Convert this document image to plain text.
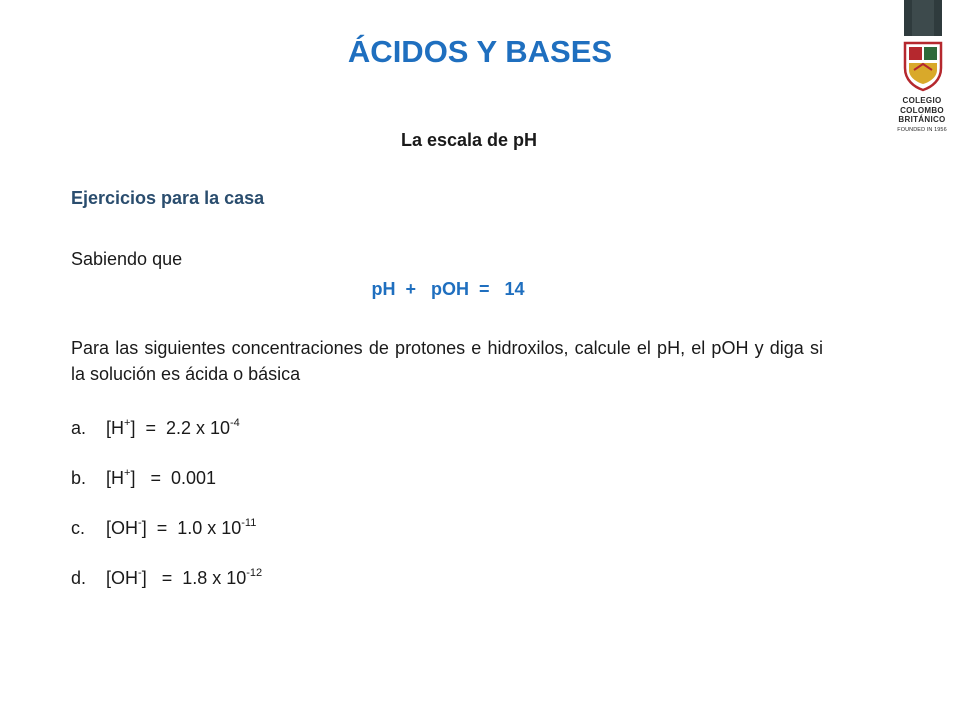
ÁCIDOS Y BASES
COLEGIO
COLOMBO
BRITÁNICO
FOUNDED IN 1956
La escala de pH
Ejercicios para la casa
Sabiendo que
pH  +   pOH  =   14
Para las siguientes concentraciones de protones e hidroxilos, calcule el pH, el pOH y diga si la solución es ácida o básica
a. [H+]  =  2.2 x $10^{-4}$
b. [H+]   =  0.001
c. [OH-]  =  1.0 x $10^{-11}$
d. [OH-]   =  1.8 x $10^{-12}$
